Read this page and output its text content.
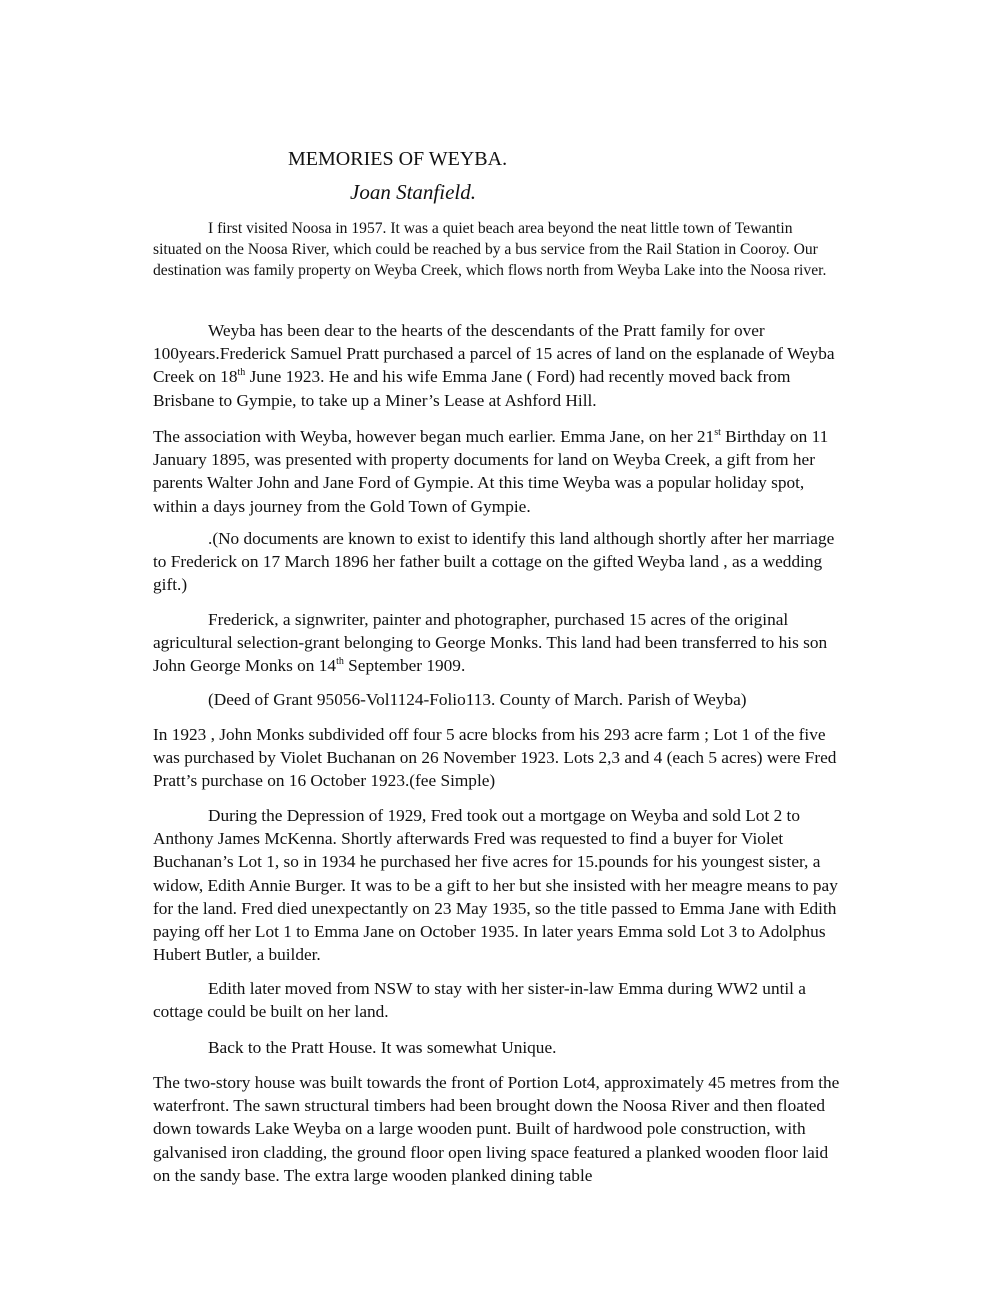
MEMORIES OF WEYBA.
Joan Stanfield.

I first visited Noosa in 1957. It was a quiet beach area beyond the neat little town of Tewantin situated on the Noosa River, which could be reached by a bus service from the Rail Station in Cooroy. Our destination was family property on Weyba Creek, which flows north from Weyba Lake into the Noosa river.

Weyba has been dear to the hearts of the descendants of the Pratt family for over 100years.Frederick Samuel Pratt purchased a parcel of 15 acres of land on the esplanade of Weyba Creek on 18th June 1923. He and his wife Emma Jane ( Ford) had recently moved back from Brisbane to Gympie, to take up a Miner’s Lease at Ashford Hill.

The association with Weyba, however began much earlier. Emma Jane, on her 21st Birthday on 11 January 1895, was presented with property documents for land on Weyba Creek, a gift from her parents Walter John and Jane Ford of Gympie. At this time Weyba was a popular holiday spot, within a days journey from the Gold Town of Gympie.

.(No documents are known to exist to identify this land although shortly after her marriage to Frederick on 17 March 1896 her father built a cottage on the gifted Weyba land , as a wedding gift.)

Frederick, a signwriter, painter and photographer, purchased 15 acres of the original agricultural selection-grant belonging to George Monks. This land had been transferred to his son John George Monks on 14th September 1909.

(Deed of Grant 95056-Vol1124-Folio113. County of March. Parish of Weyba)

In 1923 , John Monks subdivided off four 5 acre blocks from his 293 acre farm ; Lot 1 of the five was purchased by Violet Buchanan on 26 November 1923. Lots 2,3 and 4 (each 5 acres) were Fred Pratt’s purchase on 16 October 1923.(fee Simple)

During the Depression of 1929, Fred took out a mortgage on Weyba and sold Lot 2 to Anthony James McKenna. Shortly afterwards Fred was requested to find a buyer for Violet Buchanan’s Lot 1, so in 1934 he purchased her five acres for 15.pounds for his youngest sister, a widow, Edith Annie Burger. It was to be a gift to her but she insisted with her meagre means to pay for the land. Fred died unexpectantly on 23 May 1935, so the title passed to Emma Jane with Edith paying off her Lot 1 to Emma Jane on October 1935. In later years Emma sold Lot 3 to Adolphus Hubert Butler, a builder.

Edith later moved from NSW to stay with her sister-in-law Emma during WW2 until a cottage could be built on her land.

Back to the Pratt House. It was somewhat Unique.

The two-story house was built towards the front of Portion Lot4, approximately 45 metres from the waterfront. The sawn structural timbers had been brought down the Noosa River and then floated down towards Lake Weyba on a large wooden punt. Built of hardwood pole construction, with galvanised iron cladding, the ground floor open living space featured a planked wooden floor laid on the sandy base. The extra large wooden planked dining table
